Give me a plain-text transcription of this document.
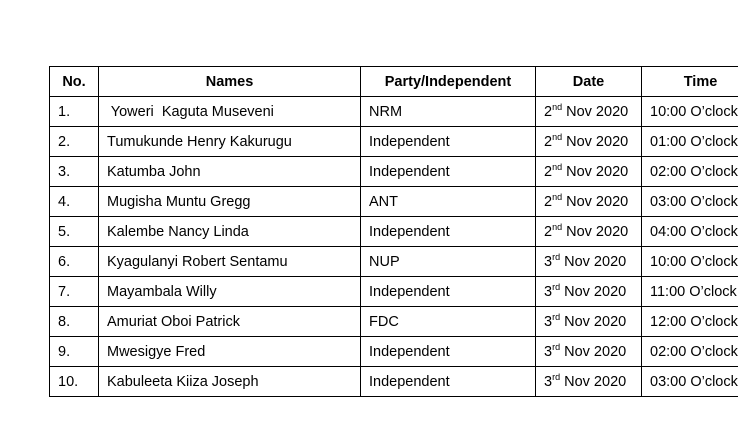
No.	Names	Party/Independent	Date	Time
1.	Yoweri  Kaguta Museveni	NRM	2nd Nov 2020	10:00 O’clock
2.	Tumukunde Henry Kakurugu	Independent	2nd Nov 2020	01:00 O’clock
3.	Katumba John	Independent	2nd Nov 2020	02:00 O’clock
4.	Mugisha Muntu Gregg	ANT	2nd Nov 2020	03:00 O’clock
5.	Kalembe Nancy Linda	Independent	2nd Nov 2020	04:00 O’clock
6.	Kyagulanyi Robert Sentamu	NUP	3rd Nov 2020	10:00 O’clock
7.	Mayambala Willy	Independent	3rd Nov 2020	11:00 O’clock
8.	Amuriat Oboi Patrick	FDC	3rd Nov 2020	12:00 O’clock
9.	Mwesigye Fred	Independent	3rd Nov 2020	02:00 O’clock
10.	Kabuleeta Kiiza Joseph	Independent	3rd Nov 2020	03:00 O’clock
